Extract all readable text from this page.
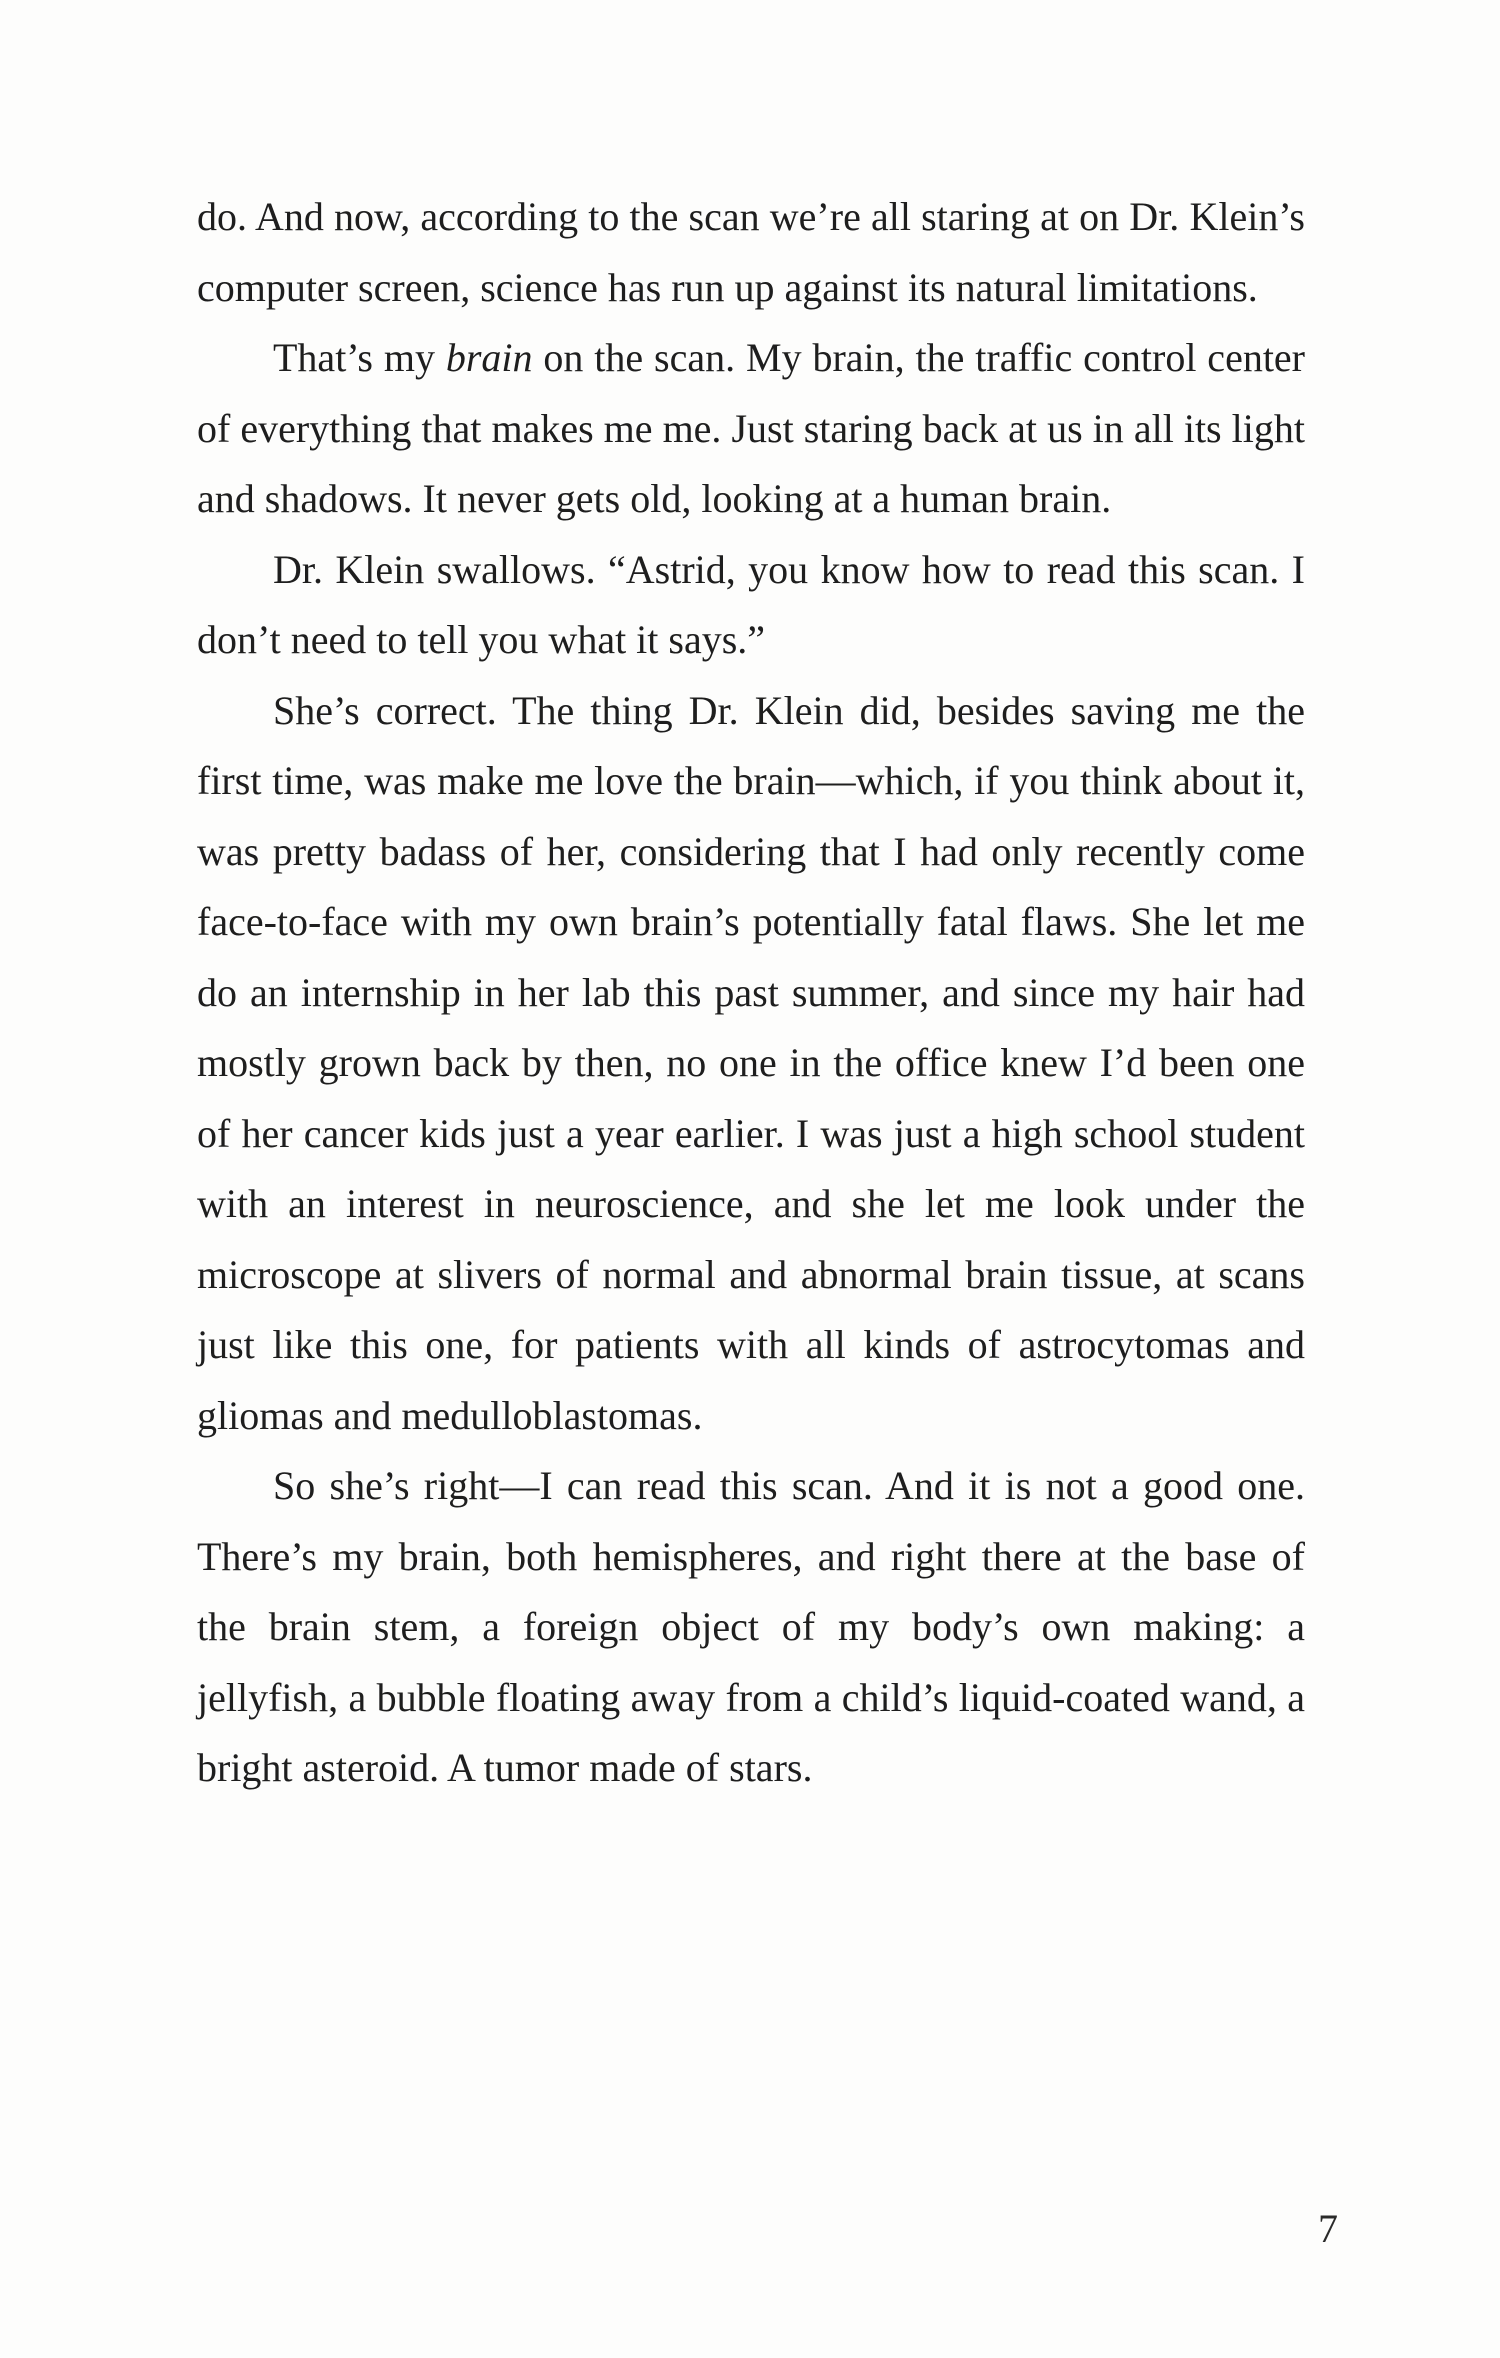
do. And now, according to the scan we’re all staring at on Dr. Klein’s computer screen, science has run up against its natural limitations.

That’s my brain on the scan. My brain, the traffic control center of everything that makes me me. Just staring back at us in all its light and shadows. It never gets old, looking at a human brain.

Dr. Klein swallows. “Astrid, you know how to read this scan. I don’t need to tell you what it says.”

She’s correct. The thing Dr. Klein did, besides saving me the first time, was make me love the brain—which, if you think about it, was pretty badass of her, considering that I had only recently come face-to-face with my own brain’s potentially fatal flaws. She let me do an internship in her lab this past summer, and since my hair had mostly grown back by then, no one in the office knew I’d been one of her cancer kids just a year earlier. I was just a high school student with an interest in neuroscience, and she let me look under the microscope at slivers of normal and abnormal brain tissue, at scans just like this one, for patients with all kinds of astrocytomas and gliomas and medulloblastomas.

So she’s right—I can read this scan. And it is not a good one. There’s my brain, both hemispheres, and right there at the base of the brain stem, a foreign object of my body’s own making: a jellyfish, a bubble floating away from a child’s liquid-coated wand, a bright asteroid. A tumor made of stars.

7
